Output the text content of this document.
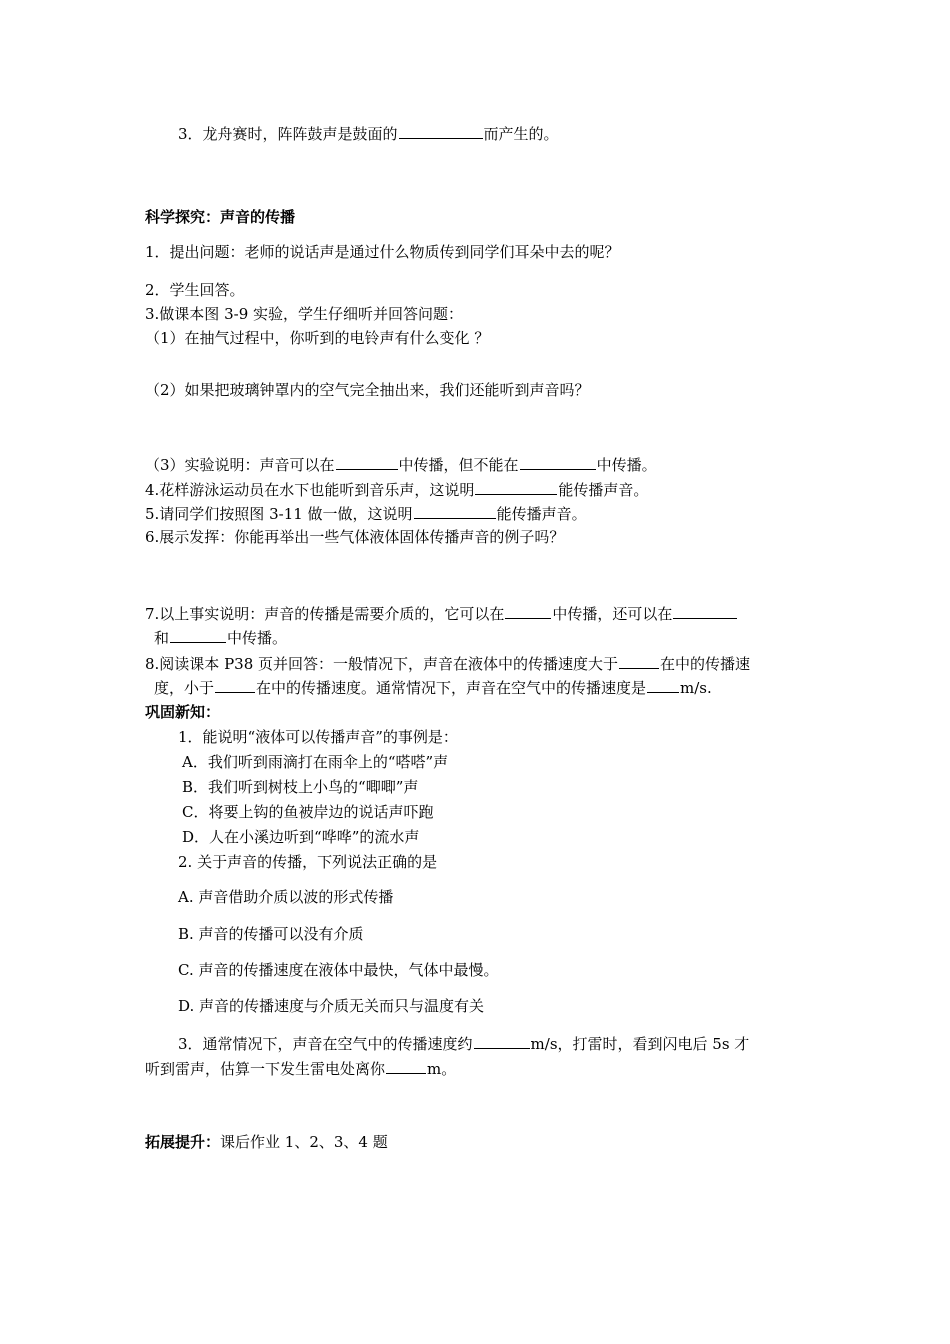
3．龙舟赛时，阵阵鼓声是鼓面的	而产生的。
科学探究：声音的传播
1．提出问题：老师的说话声是通过什么物质传到同学们耳朵中去的呢？
2．学生回答。
3.做课本图 3-9 实验，学生仔细听并回答问题：
（1）在抽气过程中，你听到的电铃声有什么变化 ？
（2）如果把玻璃钟罩内的空气完全抽出来，我们还能听到声音吗？
（3）实验说明：声音可以在	中传播，但不能在	中传播。
4.花样游泳运动员在水下也能听到音乐声，这说明	能传播声音。
5.请同学们按照图 3-11 做一做，这说明	能传播声音。
6.展示发挥：你能再举出一些气体液体固体传播声音的例子吗？
7.以上事实说明：声音的传播是需要介质的，它可以在	中传播，还可以在
和	中传播。
8.阅读课本 P38 页并回答：一般情况下，声音在液体中的传播速度大于	在中的传播速
度，小于	在中的传播速度。通常情况下，声音在空气中的传播速度是 m/s.
巩固新知：
1．能说明“液体可以传播声音”的事例是：
A．我们听到雨滴打在雨伞上的“嗒嗒”声
B．我们听到树枝上小鸟的“唧唧”声
C．将要上钩的鱼被岸边的说话声吓跑
D．人在小溪边听到“哗哗”的流水声
2. 关于声音的传播，下列说法正确的是
A. 声音借助介质以波的形式传播
B. 声音的传播可以没有介质
C. 声音的传播速度在液体中最快，气体中最慢。
D. 声音的传播速度与介质无关而只与温度有关
3．通常情况下，声音在空气中的传播速度约	m/s，打雷时，看到闪电后 5s 才
听到雷声，估算一下发生雷电处离你	m。
拓展提升：课后作业 1、2、3、4 题
